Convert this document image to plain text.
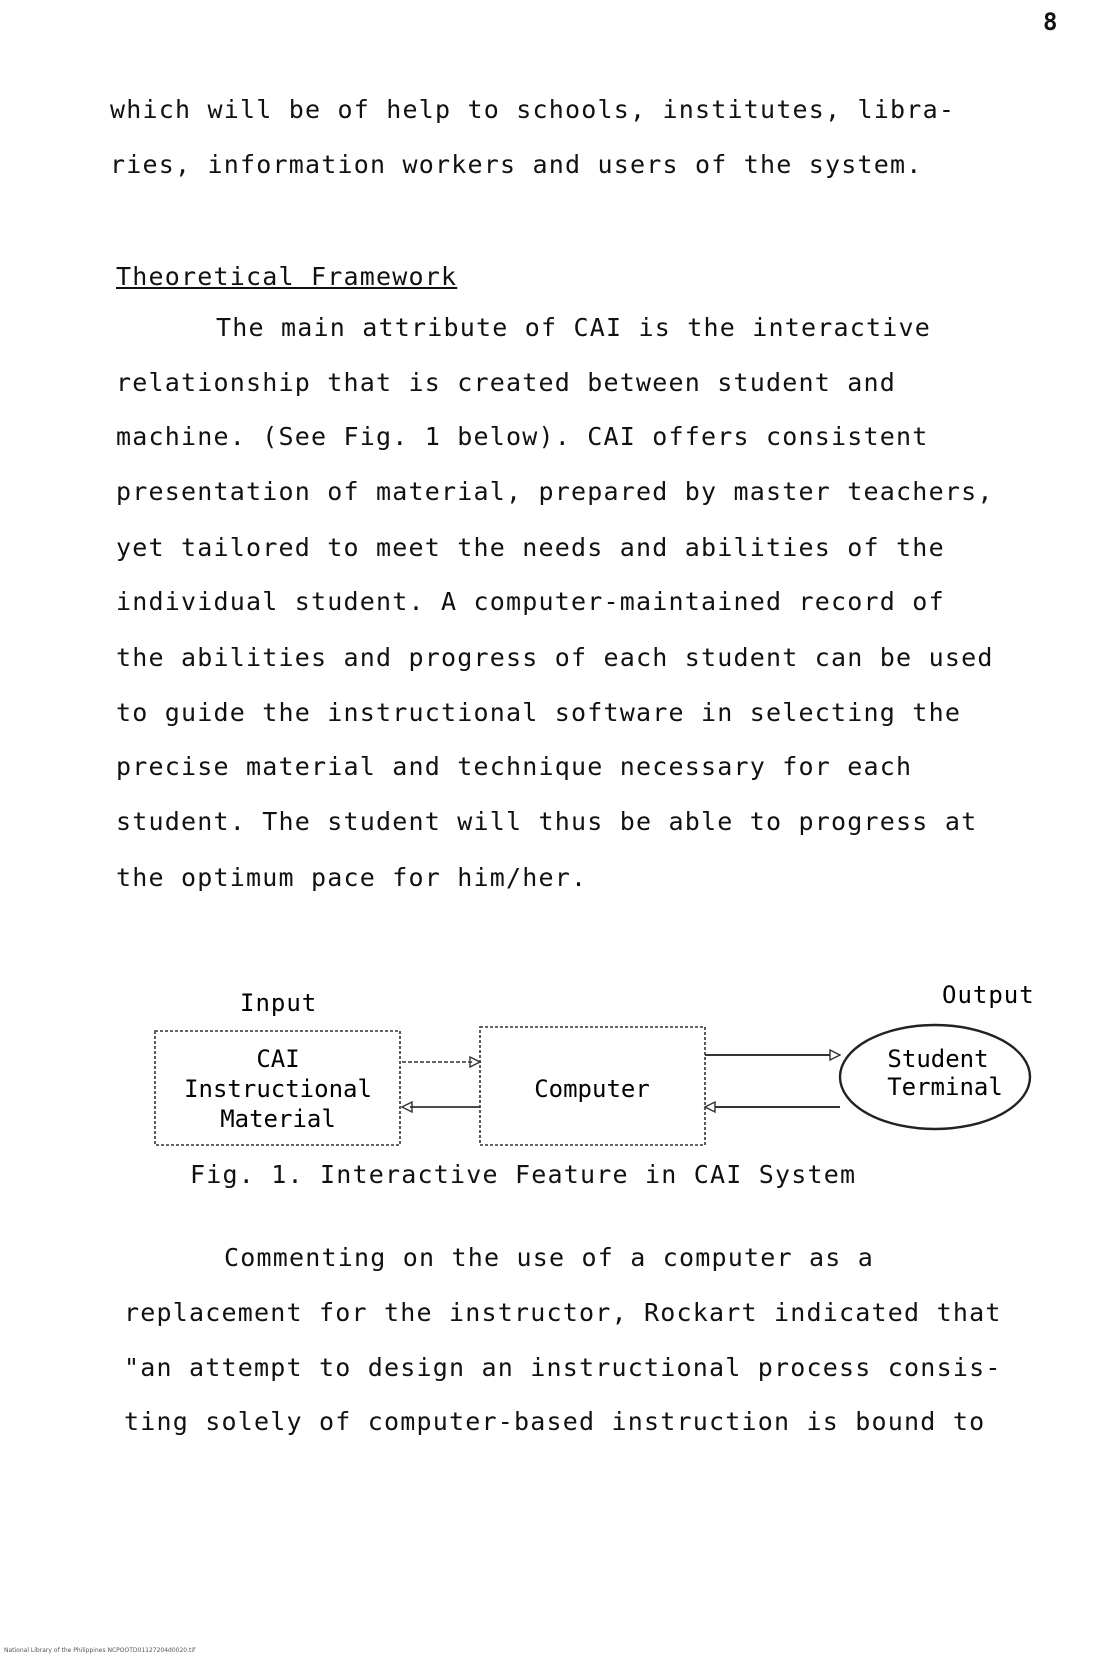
8
which will be of help to schools, institutes, libra-
ries, information workers and users of the system.
Theoretical Framework
The main attribute of CAI is the interactive
relationship that is created between student and
machine. (See Fig. 1 below). CAI offers consistent
presentation of material, prepared by master teachers,
yet tailored to meet the needs and abilities of the
individual student. A computer-maintained record of
the abilities and progress of each student can be used
to guide the instructional software in selecting the
precise material and technique necessary for each
student. The student will thus be able to progress at
the optimum pace for him/her.
Input	Output
CAI
Instructional
Material
Computer
Student
Terminal
Fig. 1. Interactive Feature in CAI System
Commenting on the use of a computer as a
replacement for the instructor, Rockart indicated that
"an attempt to design an instructional process consis-
ting solely of computer-based instruction is bound to
National Library of the Philippines NCPOOTD01127204d0020.tif
